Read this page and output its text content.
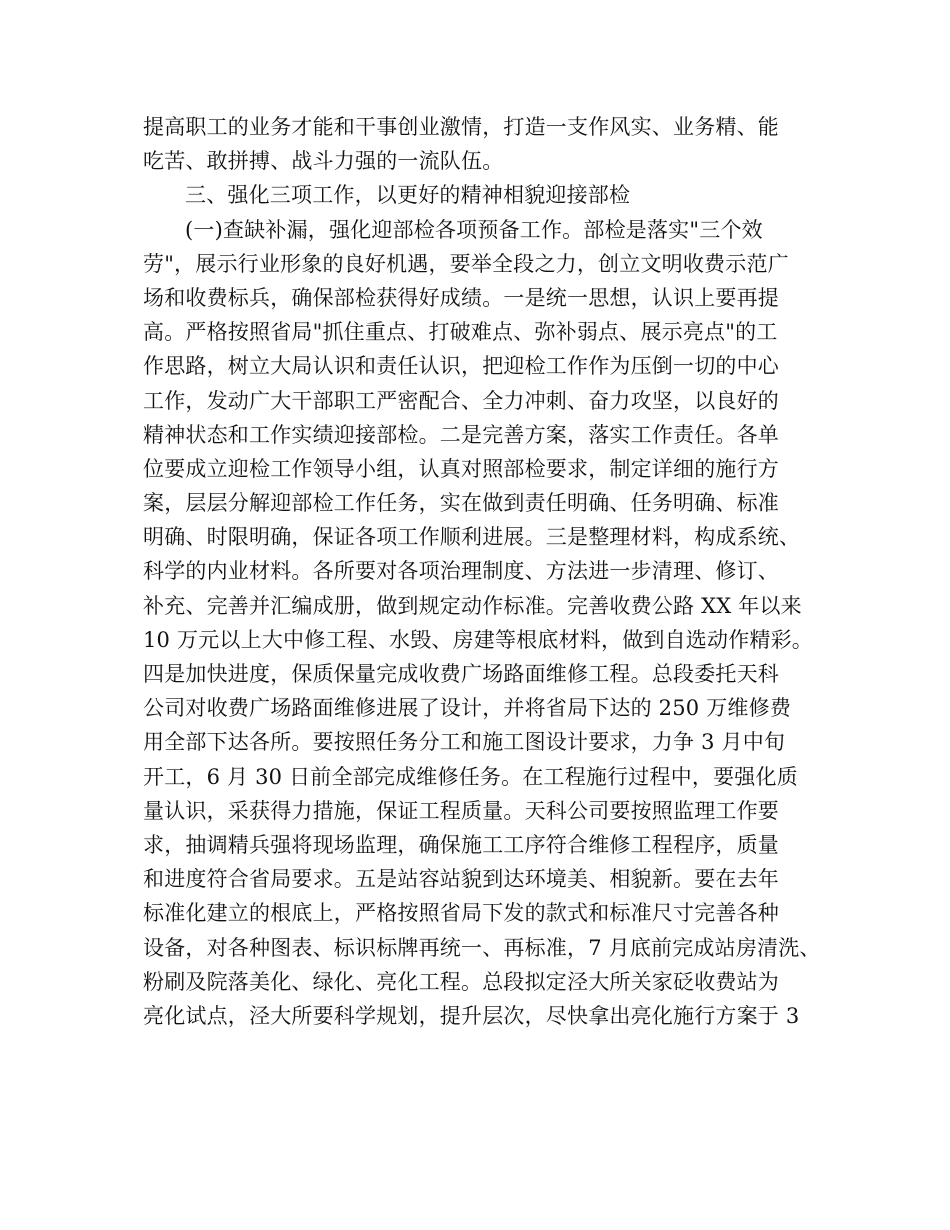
提高职工的业务才能和干事创业激情，打造一支作风实、业务精、能
吃苦、敢拼搏、战斗力强的一流队伍。
三、强化三项工作，以更好的精神相貌迎接部检
(一)查缺补漏，强化迎部检各项预备工作。部检是落实"三个效
劳"，展示行业形象的良好机遇，要举全段之力，创立文明收费示范广
场和收费标兵，确保部检获得好成绩。一是统一思想，认识上要再提
高。严格按照省局"抓住重点、打破难点、弥补弱点、展示亮点"的工
作思路，树立大局认识和责任认识，把迎检工作作为压倒一切的中心
工作，发动广大干部职工严密配合、全力冲刺、奋力攻坚，以良好的
精神状态和工作实绩迎接部检。二是完善方案，落实工作责任。各单
位要成立迎检工作领导小组，认真对照部检要求，制定详细的施行方
案，层层分解迎部检工作任务，实在做到责任明确、任务明确、标准
明确、时限明确，保证各项工作顺利进展。三是整理材料，构成系统、
科学的内业材料。各所要对各项治理制度、方法进一步清理、修订、
补充、完善并汇编成册，做到规定动作标准。完善收费公路 XX 年以来
10 万元以上大中修工程、水毁、房建等根底材料，做到自选动作精彩。
四是加快进度，保质保量完成收费广场路面维修工程。总段委托天科
公司对收费广场路面维修进展了设计，并将省局下达的 250 万维修费
用全部下达各所。要按照任务分工和施工图设计要求，力争 3 月中旬
开工，6 月 30 日前全部完成维修任务。在工程施行过程中，要强化质
量认识，采获得力措施，保证工程质量。天科公司要按照监理工作要
求，抽调精兵强将现场监理，确保施工工序符合维修工程程序，质量
和进度符合省局要求。五是站容站貌到达环境美、相貌新。要在去年
标准化建立的根底上，严格按照省局下发的款式和标准尺寸完善各种
设备，对各种图表、标识标牌再统一、再标准，7 月底前完成站房清洗、
粉刷及院落美化、绿化、亮化工程。总段拟定泾大所关家砭收费站为
亮化试点，泾大所要科学规划，提升层次，尽快拿出亮化施行方案于 3
